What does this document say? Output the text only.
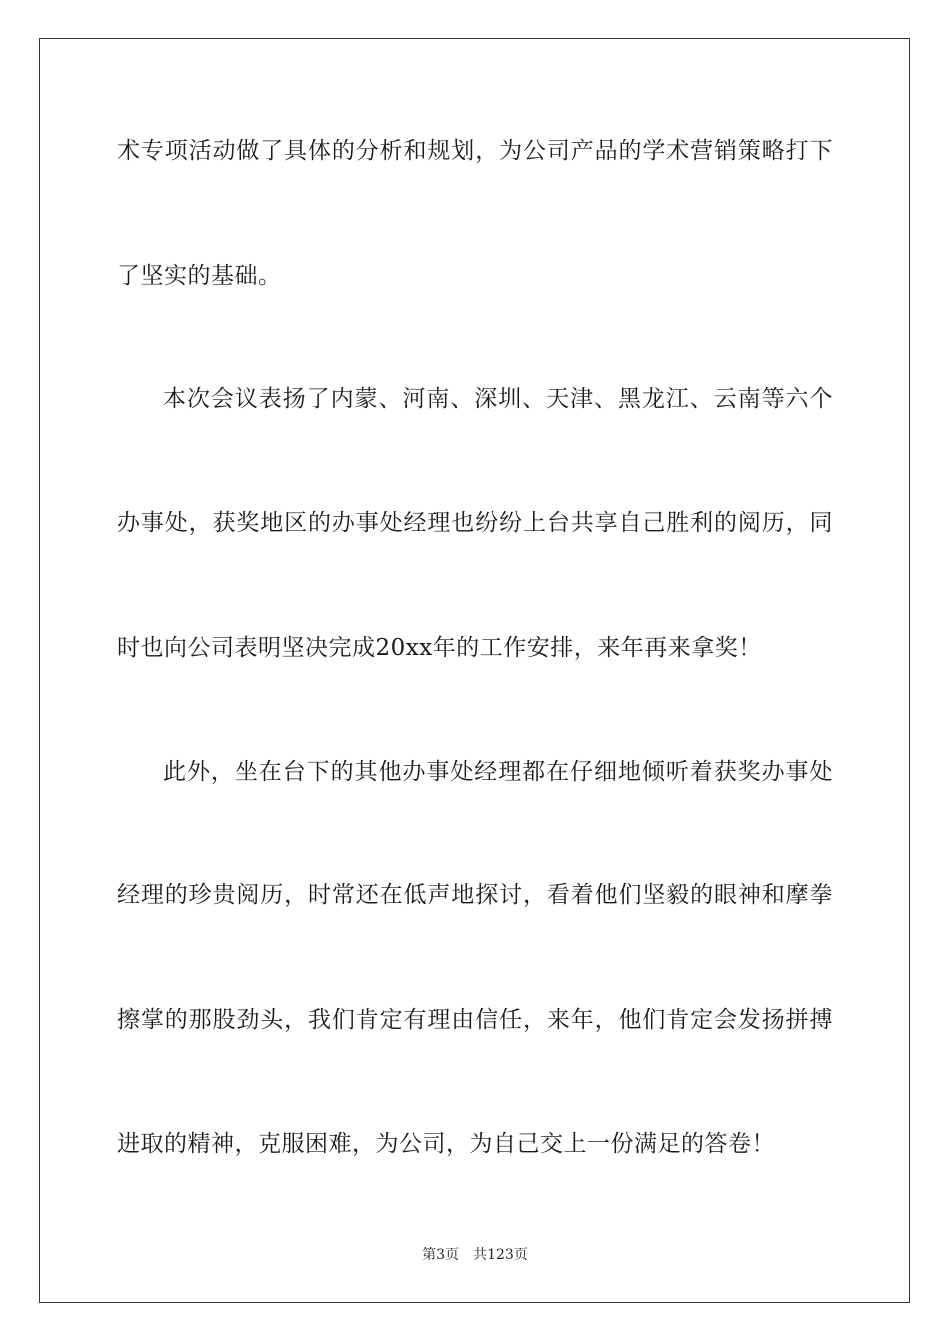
术专项活动做了具体的分析和规划，为公司产品的学术营销策略打下
了坚实的基础。
本次会议表扬了内蒙、河南、深圳、天津、黑龙江、云南等六个
办事处，获奖地区的办事处经理也纷纷上台共享自己胜利的阅历，同
时也向公司表明坚决完成20xx年的工作安排，来年再来拿奖！
此外，坐在台下的其他办事处经理都在仔细地倾听着获奖办事处
经理的珍贵阅历，时常还在低声地探讨，看着他们坚毅的眼神和摩拳
擦掌的那股劲头，我们肯定有理由信任，来年，他们肯定会发扬拼搏
进取的精神，克服困难，为公司，为自己交上一份满足的答卷！
第3页 共123页
